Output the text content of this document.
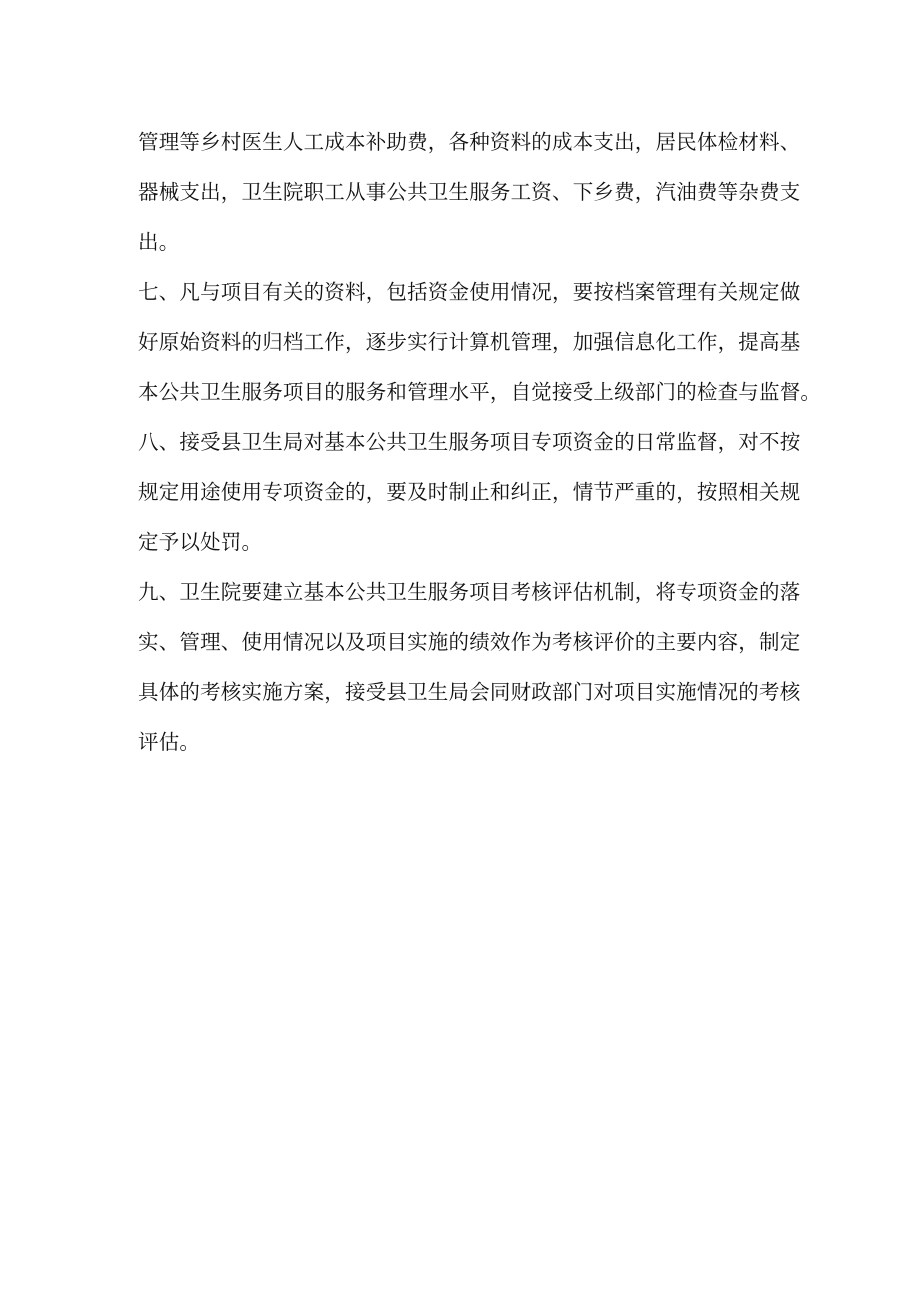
管理等乡村医生人工成本补助费，各种资料的成本支出，居民体检材料、
器械支出，卫生院职工从事公共卫生服务工资、下乡费，汽油费等杂费支
出。
七、凡与项目有关的资料，包括资金使用情况，要按档案管理有关规定做
好原始资料的归档工作，逐步实行计算机管理，加强信息化工作，提高基
本公共卫生服务项目的服务和管理水平，自觉接受上级部门的检查与监督。
八、接受县卫生局对基本公共卫生服务项目专项资金的日常监督，对不按
规定用途使用专项资金的，要及时制止和纠正，情节严重的，按照相关规
定予以处罚。
九、卫生院要建立基本公共卫生服务项目考核评估机制，将专项资金的落
实、管理、使用情况以及项目实施的绩效作为考核评价的主要内容，制定
具体的考核实施方案，接受县卫生局会同财政部门对项目实施情况的考核
评估。
